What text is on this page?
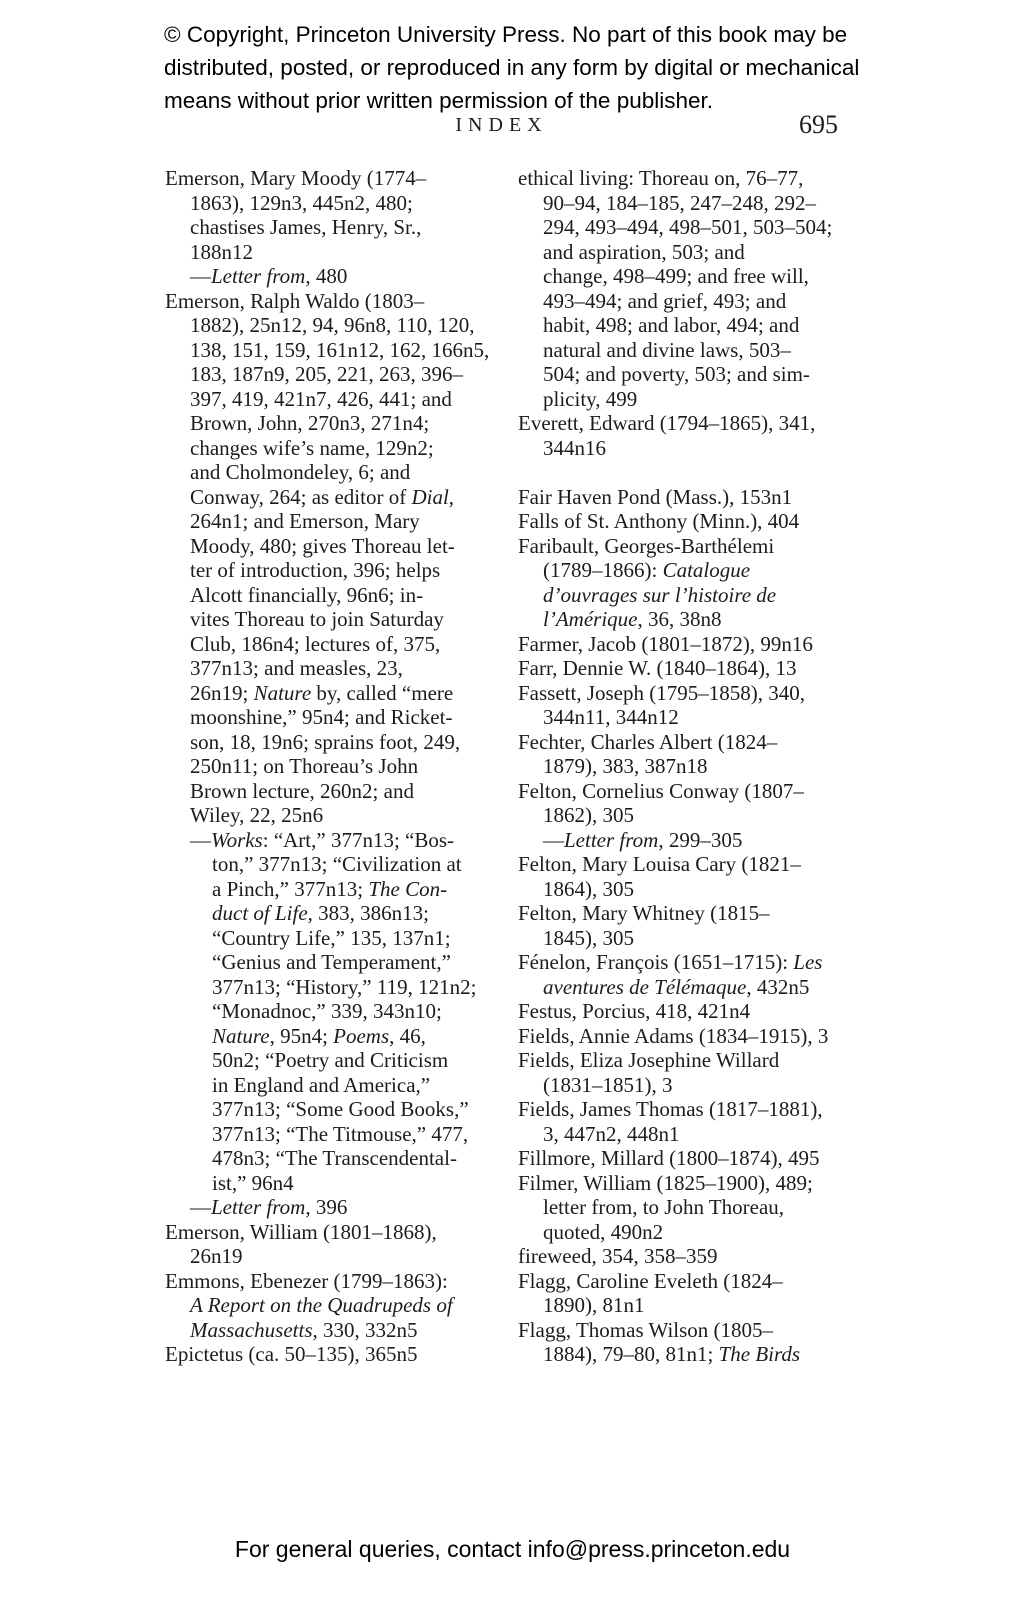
© Copyright, Princeton University Press. No part of this book may be
distributed, posted, or reproduced in any form by digital or mechanical
means without prior written permission of the publisher.
INDEX	695
Emerson, Mary Moody (1774–
1863), 129n3, 445n2, 480;
chastises James, Henry, Sr.,
188n12
—Letter from, 480
Emerson, Ralph Waldo (1803–
1882), 25n12, 94, 96n8, 110, 120,
138, 151, 159, 161n12, 162, 166n5,
183, 187n9, 205, 221, 263, 396–
397, 419, 421n7, 426, 441; and
Brown, John, 270n3, 271n4;
changes wife’s name, 129n2;
and Cholmondeley, 6; and
Conway, 264; as editor of Dial,
264n1; and Emerson, Mary
Moody, 480; gives Thoreau let-
ter of introduction, 396; helps
Alcott financially, 96n6; in-
vites Thoreau to join Saturday
Club, 186n4; lectures of, 375,
377n13; and measles, 23,
26n19; Nature by, called “mere
moonshine,” 95n4; and Ricket-
son, 18, 19n6; sprains foot, 249,
250n11; on Thoreau’s John
Brown lecture, 260n2; and
Wiley, 22, 25n6
—Works: “Art,” 377n13; “Bos-
ton,” 377n13; “Civilization at
a Pinch,” 377n13; The Con-
duct of Life, 383, 386n13;
“Country Life,” 135, 137n1;
“Genius and Temperament,”
377n13; “History,” 119, 121n2;
“Monadnoc,” 339, 343n10;
Nature, 95n4; Poems, 46,
50n2; “Poetry and Criticism
in England and America,”
377n13; “Some Good Books,”
377n13; “The Titmouse,” 477,
478n3; “The Transcendental-
ist,” 96n4
—Letter from, 396
Emerson, William (1801–1868),
26n19
Emmons, Ebenezer (1799–1863):
A Report on the Quadrupeds of
Massachusetts, 330, 332n5
Epictetus (ca. 50–135), 365n5
ethical living: Thoreau on, 76–77,
90–94, 184–185, 247–248, 292–
294, 493–494, 498–501, 503–504;
and aspiration, 503; and
change, 498–499; and free will,
493–494; and grief, 493; and
habit, 498; and labor, 494; and
natural and divine laws, 503–
504; and poverty, 503; and sim-
plicity, 499
Everett, Edward (1794–1865), 341,
344n16

Fair Haven Pond (Mass.), 153n1
Falls of St. Anthony (Minn.), 404
Faribault, Georges-Barthélemi
(1789–1866): Catalogue
d’ouvrages sur l’histoire de
l’Amérique, 36, 38n8
Farmer, Jacob (1801–1872), 99n16
Farr, Dennie W. (1840–1864), 13
Fassett, Joseph (1795–1858), 340,
344n11, 344n12
Fechter, Charles Albert (1824–
1879), 383, 387n18
Felton, Cornelius Conway (1807–
1862), 305
—Letter from, 299–305
Felton, Mary Louisa Cary (1821–
1864), 305
Felton, Mary Whitney (1815–
1845), 305
Fénelon, François (1651–1715): Les
aventures de Télémaque, 432n5
Festus, Porcius, 418, 421n4
Fields, Annie Adams (1834–1915), 3
Fields, Eliza Josephine Willard
(1831–1851), 3
Fields, James Thomas (1817–1881),
3, 447n2, 448n1
Fillmore, Millard (1800–1874), 495
Filmer, William (1825–1900), 489;
letter from, to John Thoreau,
quoted, 490n2
fireweed, 354, 358–359
Flagg, Caroline Eveleth (1824–
1890), 81n1
Flagg, Thomas Wilson (1805–
1884), 79–80, 81n1; The Birds
For general queries, contact info@press.princeton.edu
